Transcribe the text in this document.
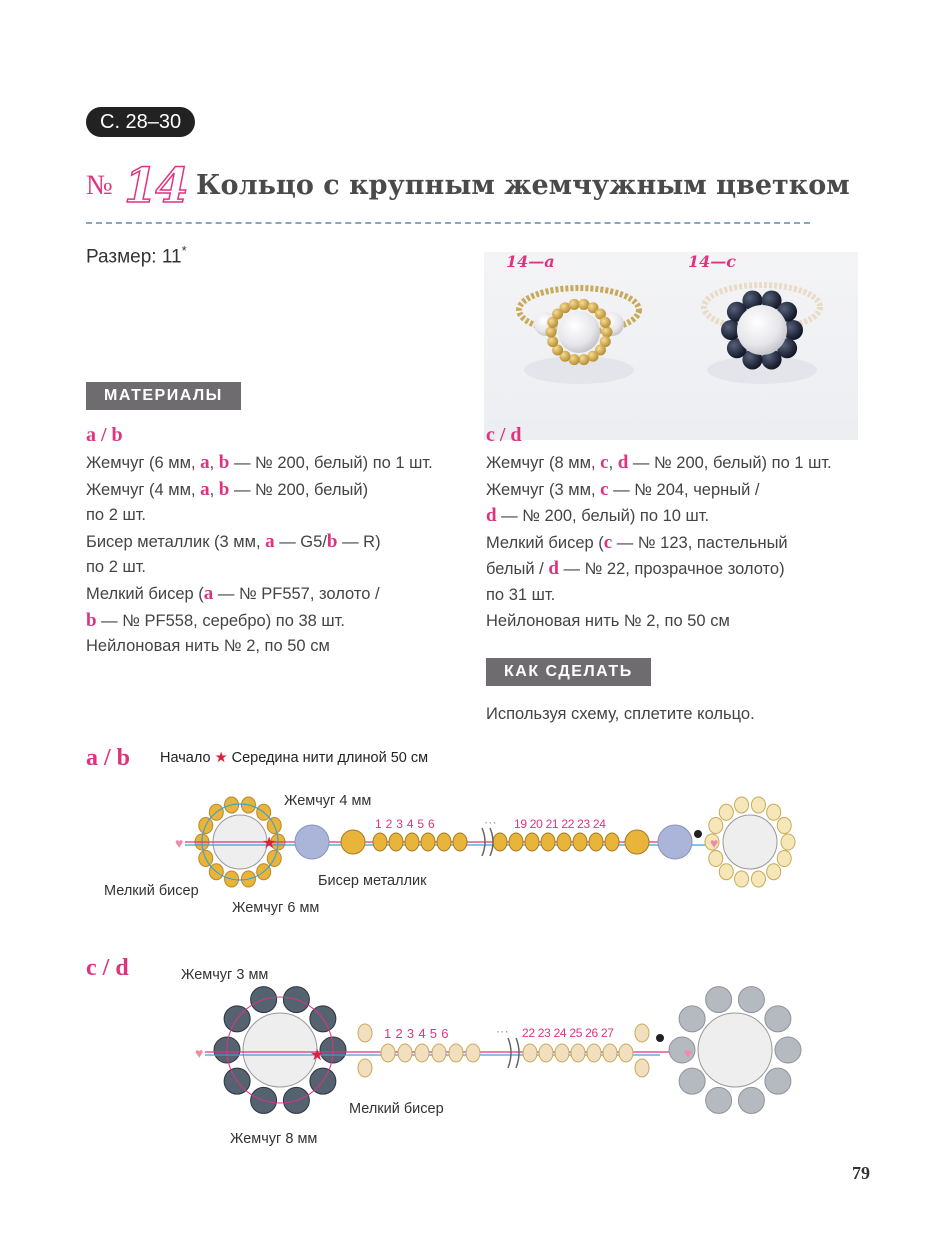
С. 28–30
№ 14 Кольцо с крупным жемчужным цветком
Размер: 11*
14—a	14—c
МАТЕРИАЛЫ
a / b
Жемчуг (6 мм, a, b — № 200, белый) по 1 шт.
Жемчуг (4 мм, a, b — № 200, белый)
по 2 шт.
Бисер металлик (3 мм, a — G5/b — R)
по 2 шт.
Мелкий бисер (a — № PF557, золото /
b — № PF558, серебро) по 38 шт.
Нейлоновая нить № 2, по 50 см
c / d
Жемчуг (8 мм, c, d — № 200, белый) по 1 шт.
Жемчуг (3 мм, c — № 204, черный /
d — № 200, белый) по 10 шт.
Мелкий бисер (c — № 123, пастельный
белый / d — № 22, прозрачное золото)
по 31 шт.
Нейлоновая нить № 2, по 50 см
КАК СДЕЛАТЬ
Используя схему, сплетите кольцо.
a / b Начало ★ Середина нити длиной 50 см
♥	★	♥
Жемчуг 4 мм
Бисер металлик
Мелкий бисер
Жемчуг 6 мм
1 2 3 4 5 6	··· 19 20 21 22 23 24
c / d
♥	★	♥
Жемчуг 3 мм
Мелкий бисер
Жемчуг 8 мм
1 2 3 4 5 6	··· 22 23 24 25 26 27
79
